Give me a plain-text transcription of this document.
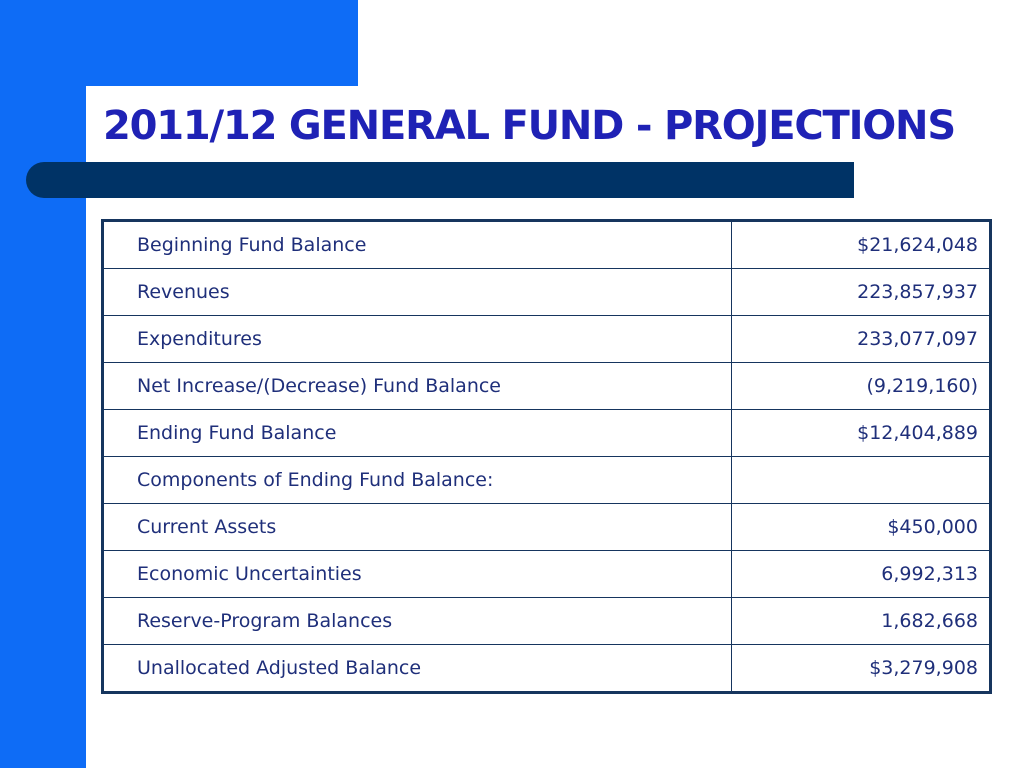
2011/12 GENERAL FUND - PROJECTIONS
Beginning Fund Balance	$21,624,048
Revenues	223,857,937
Expenditures	233,077,097
Net Increase/(Decrease) Fund Balance	(9,219,160)
Ending Fund Balance	$12,404,889
Components of Ending Fund Balance:	
Current Assets	$450,000
Economic Uncertainties	6,992,313
Reserve-Program Balances	1,682,668
Unallocated Adjusted Balance	$3,279,908
